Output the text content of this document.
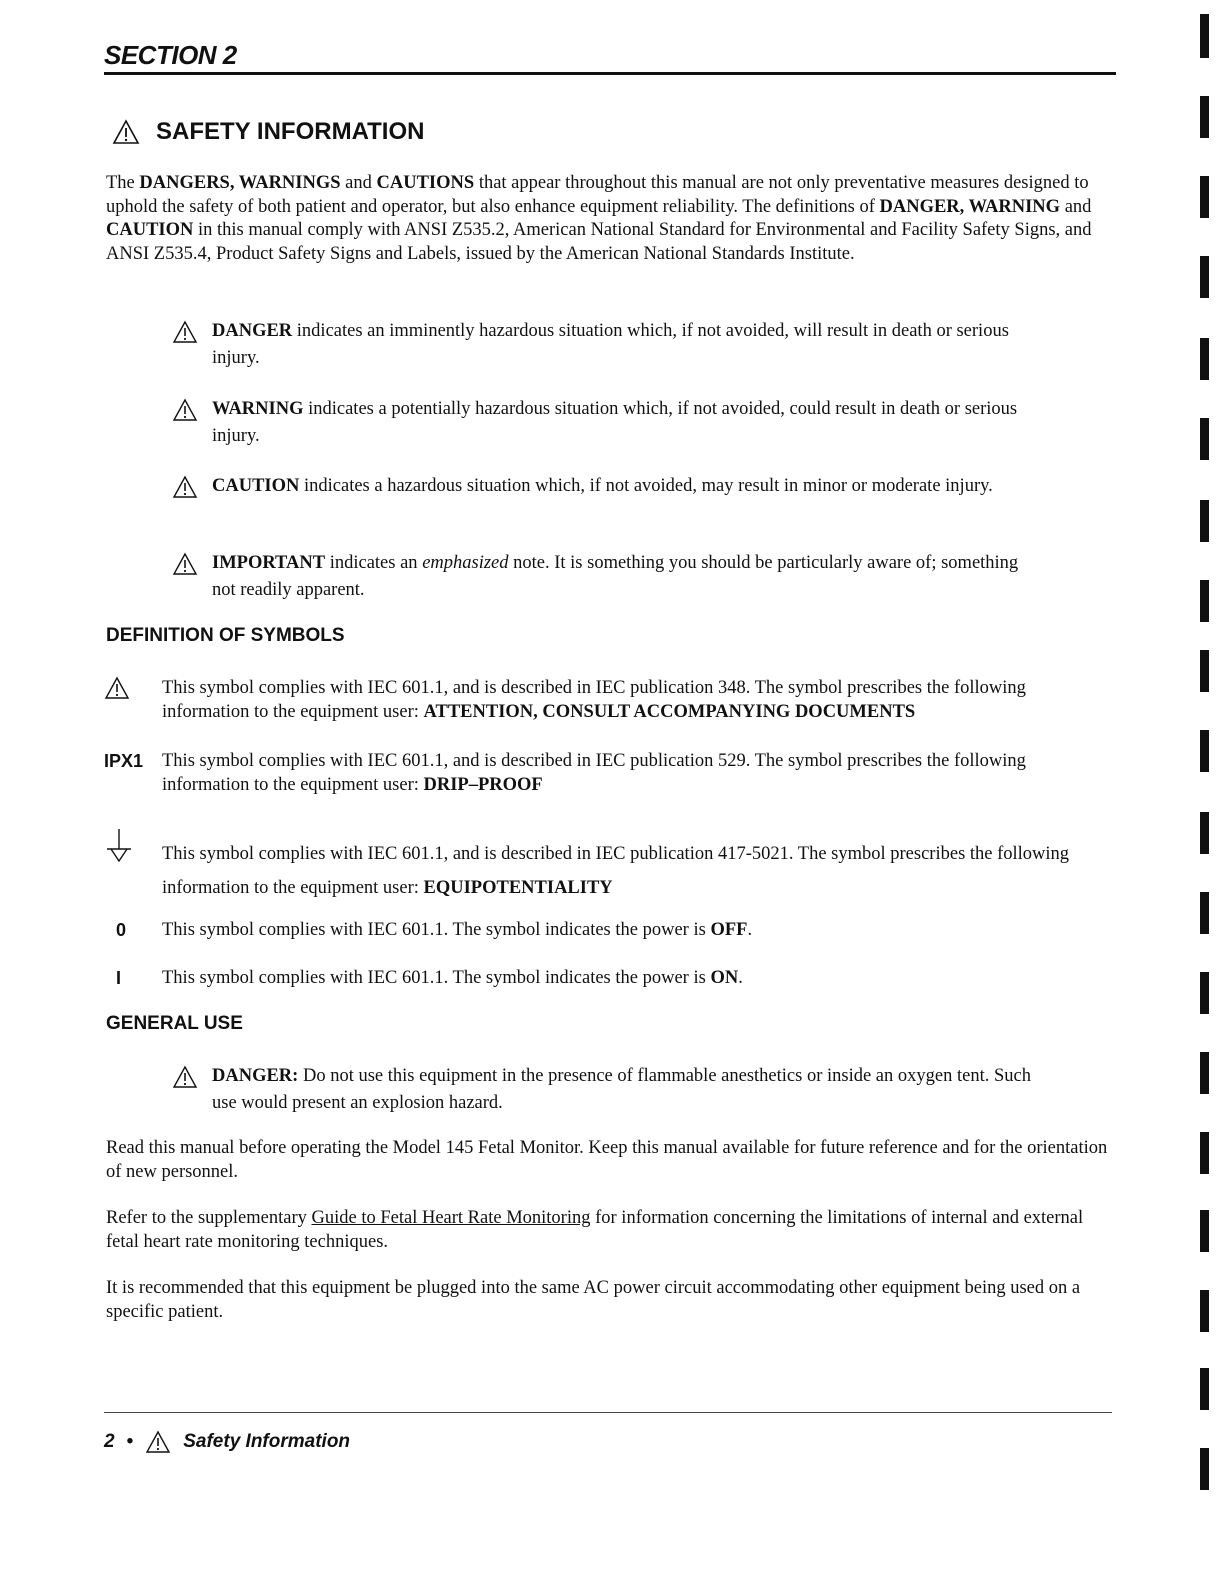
SECTION 2
SAFETY INFORMATION
The DANGERS, WARNINGS and CAUTIONS that appear throughout this manual are not only preventative measures designed to uphold the safety of both patient and operator, but also enhance equipment reliability. The definitions of DANGER, WARNING and CAUTION in this manual comply with ANSI Z535.2, American National Standard for Environmental and Facility Safety Signs, and ANSI Z535.4, Product Safety Signs and Labels, issued by the American National Standards Institute.
DANGER indicates an imminently hazardous situation which, if not avoided, will result in death or serious injury.
WARNING indicates a potentially hazardous situation which, if not avoided, could result in death or serious injury.
CAUTION indicates a hazardous situation which, if not avoided, may result in minor or moderate injury.
IMPORTANT indicates an emphasized note. It is something you should be particularly aware of; something not readily apparent.
DEFINITION OF SYMBOLS
This symbol complies with IEC 601.1, and is described in IEC publication 348. The symbol prescribes the following information to the equipment user: ATTENTION, CONSULT ACCOMPANYING DOCUMENTS
IPX1 This symbol complies with IEC 601.1, and is described in IEC publication 529. The symbol prescribes the following information to the equipment user: DRIP–PROOF
This symbol complies with IEC 601.1, and is described in IEC publication 417-5021. The symbol prescribes the following information to the equipment user: EQUIPOTENTIALITY
0 This symbol complies with IEC 601.1. The symbol indicates the power is OFF.
I This symbol complies with IEC 601.1. The symbol indicates the power is ON.
GENERAL USE
DANGER: Do not use this equipment in the presence of flammable anesthetics or inside an oxygen tent. Such use would present an explosion hazard.
Read this manual before operating the Model 145 Fetal Monitor. Keep this manual available for future reference and for the orientation of new personnel.
Refer to the supplementary Guide to Fetal Heart Rate Monitoring for information concerning the limitations of internal and external fetal heart rate monitoring techniques.
It is recommended that this equipment be plugged into the same AC power circuit accommodating other equipment being used on a specific patient.
2 •	Safety Information
